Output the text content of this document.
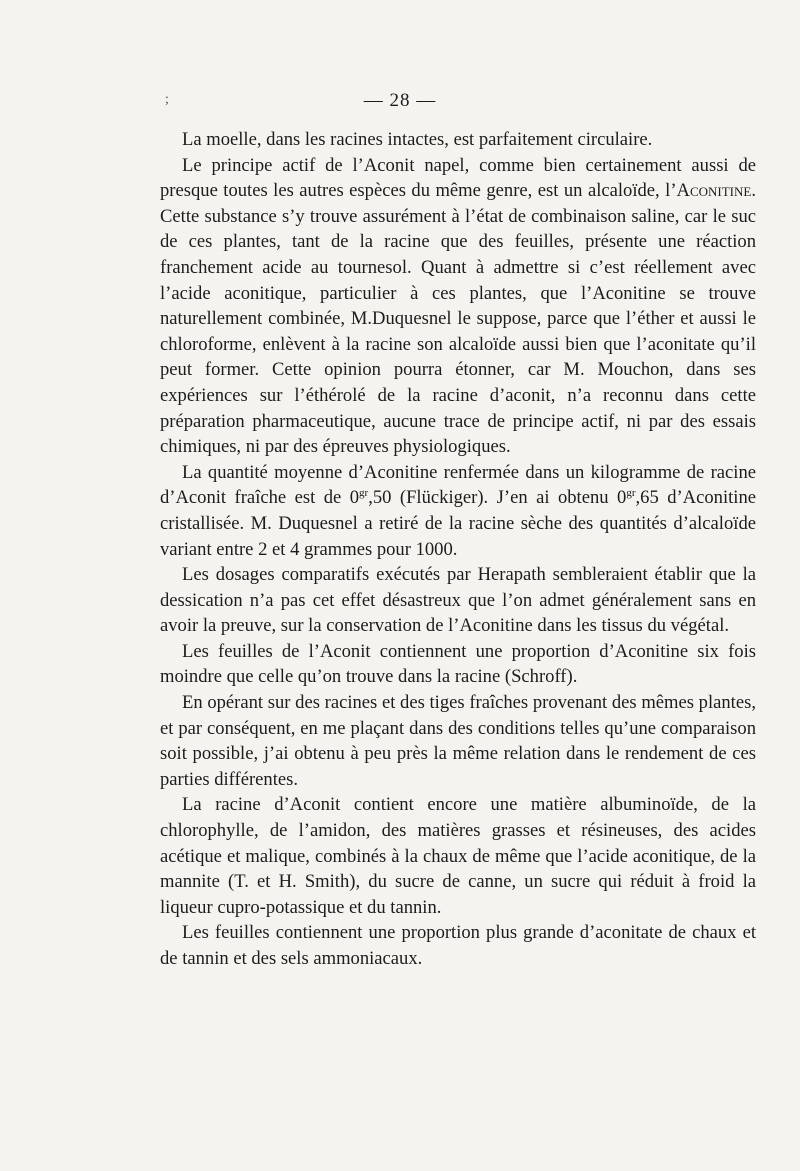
;	— 28 —

La moelle, dans les racines intactes, est parfaitement circulaire.

Le principe actif de l’Aconit napel, comme bien certainement aussi de presque toutes les autres espèces du même genre, est un alcaloïde, l’Aconitine. Cette substance s’y trouve assurément à l’état de combinaison saline, car le suc de ces plantes, tant de la racine que des feuilles, présente une réaction franchement acide au tournesol. Quant à admettre si c’est réellement avec l’acide aconitique, particulier à ces plantes, que l’Aconitine se trouve naturellement combinée, M.Duquesnel le suppose, parce que l’éther et aussi le chloroforme, enlèvent à la racine son alcaloïde aussi bien que l’aconitate qu’il peut former. Cette opinion pourra étonner, car M. Mouchon, dans ses expériences sur l’éthérolé de la racine d’aconit, n’a reconnu dans cette préparation pharmaceutique, aucune trace de principe actif, ni par des essais chimiques, ni par des épreuves physiologiques.

La quantité moyenne d’Aconitine renfermée dans un kilogramme de racine d’Aconit fraîche est de $0^{gr},50$ (Flückiger). J’en ai obtenu $0^{gr},65$ d’Aconitine cristallisée. M. Duquesnel a retiré de la racine sèche des quantités d’alcaloïde variant entre 2 et 4 grammes pour 1000.

Les dosages comparatifs exécutés par Herapath sembleraient établir que la dessication n’a pas cet effet désastreux que l’on admet généralement sans en avoir la preuve, sur la conservation de l’Aconitine dans les tissus du végétal.

Les feuilles de l’Aconit contiennent une proportion d’Aconitine six fois moindre que celle qu’on trouve dans la racine (Schroff).

En opérant sur des racines et des tiges fraîches provenant des mêmes plantes, et par conséquent, en me plaçant dans des conditions telles qu’une comparaison soit possible, j’ai obtenu à peu près la même relation dans le rendement de ces parties différentes.

La racine d’Aconit contient encore une matière albuminoïde, de la chlorophylle, de l’amidon, des matières grasses et résineuses, des acides acétique et malique, combinés à la chaux de même que l’acide aconitique, de la mannite (T. et H. Smith), du sucre de canne, un sucre qui réduit à froid la liqueur cupro-potassique et du tannin.

Les feuilles contiennent une proportion plus grande d’aconitate de chaux et de tannin et des sels ammoniacaux.
